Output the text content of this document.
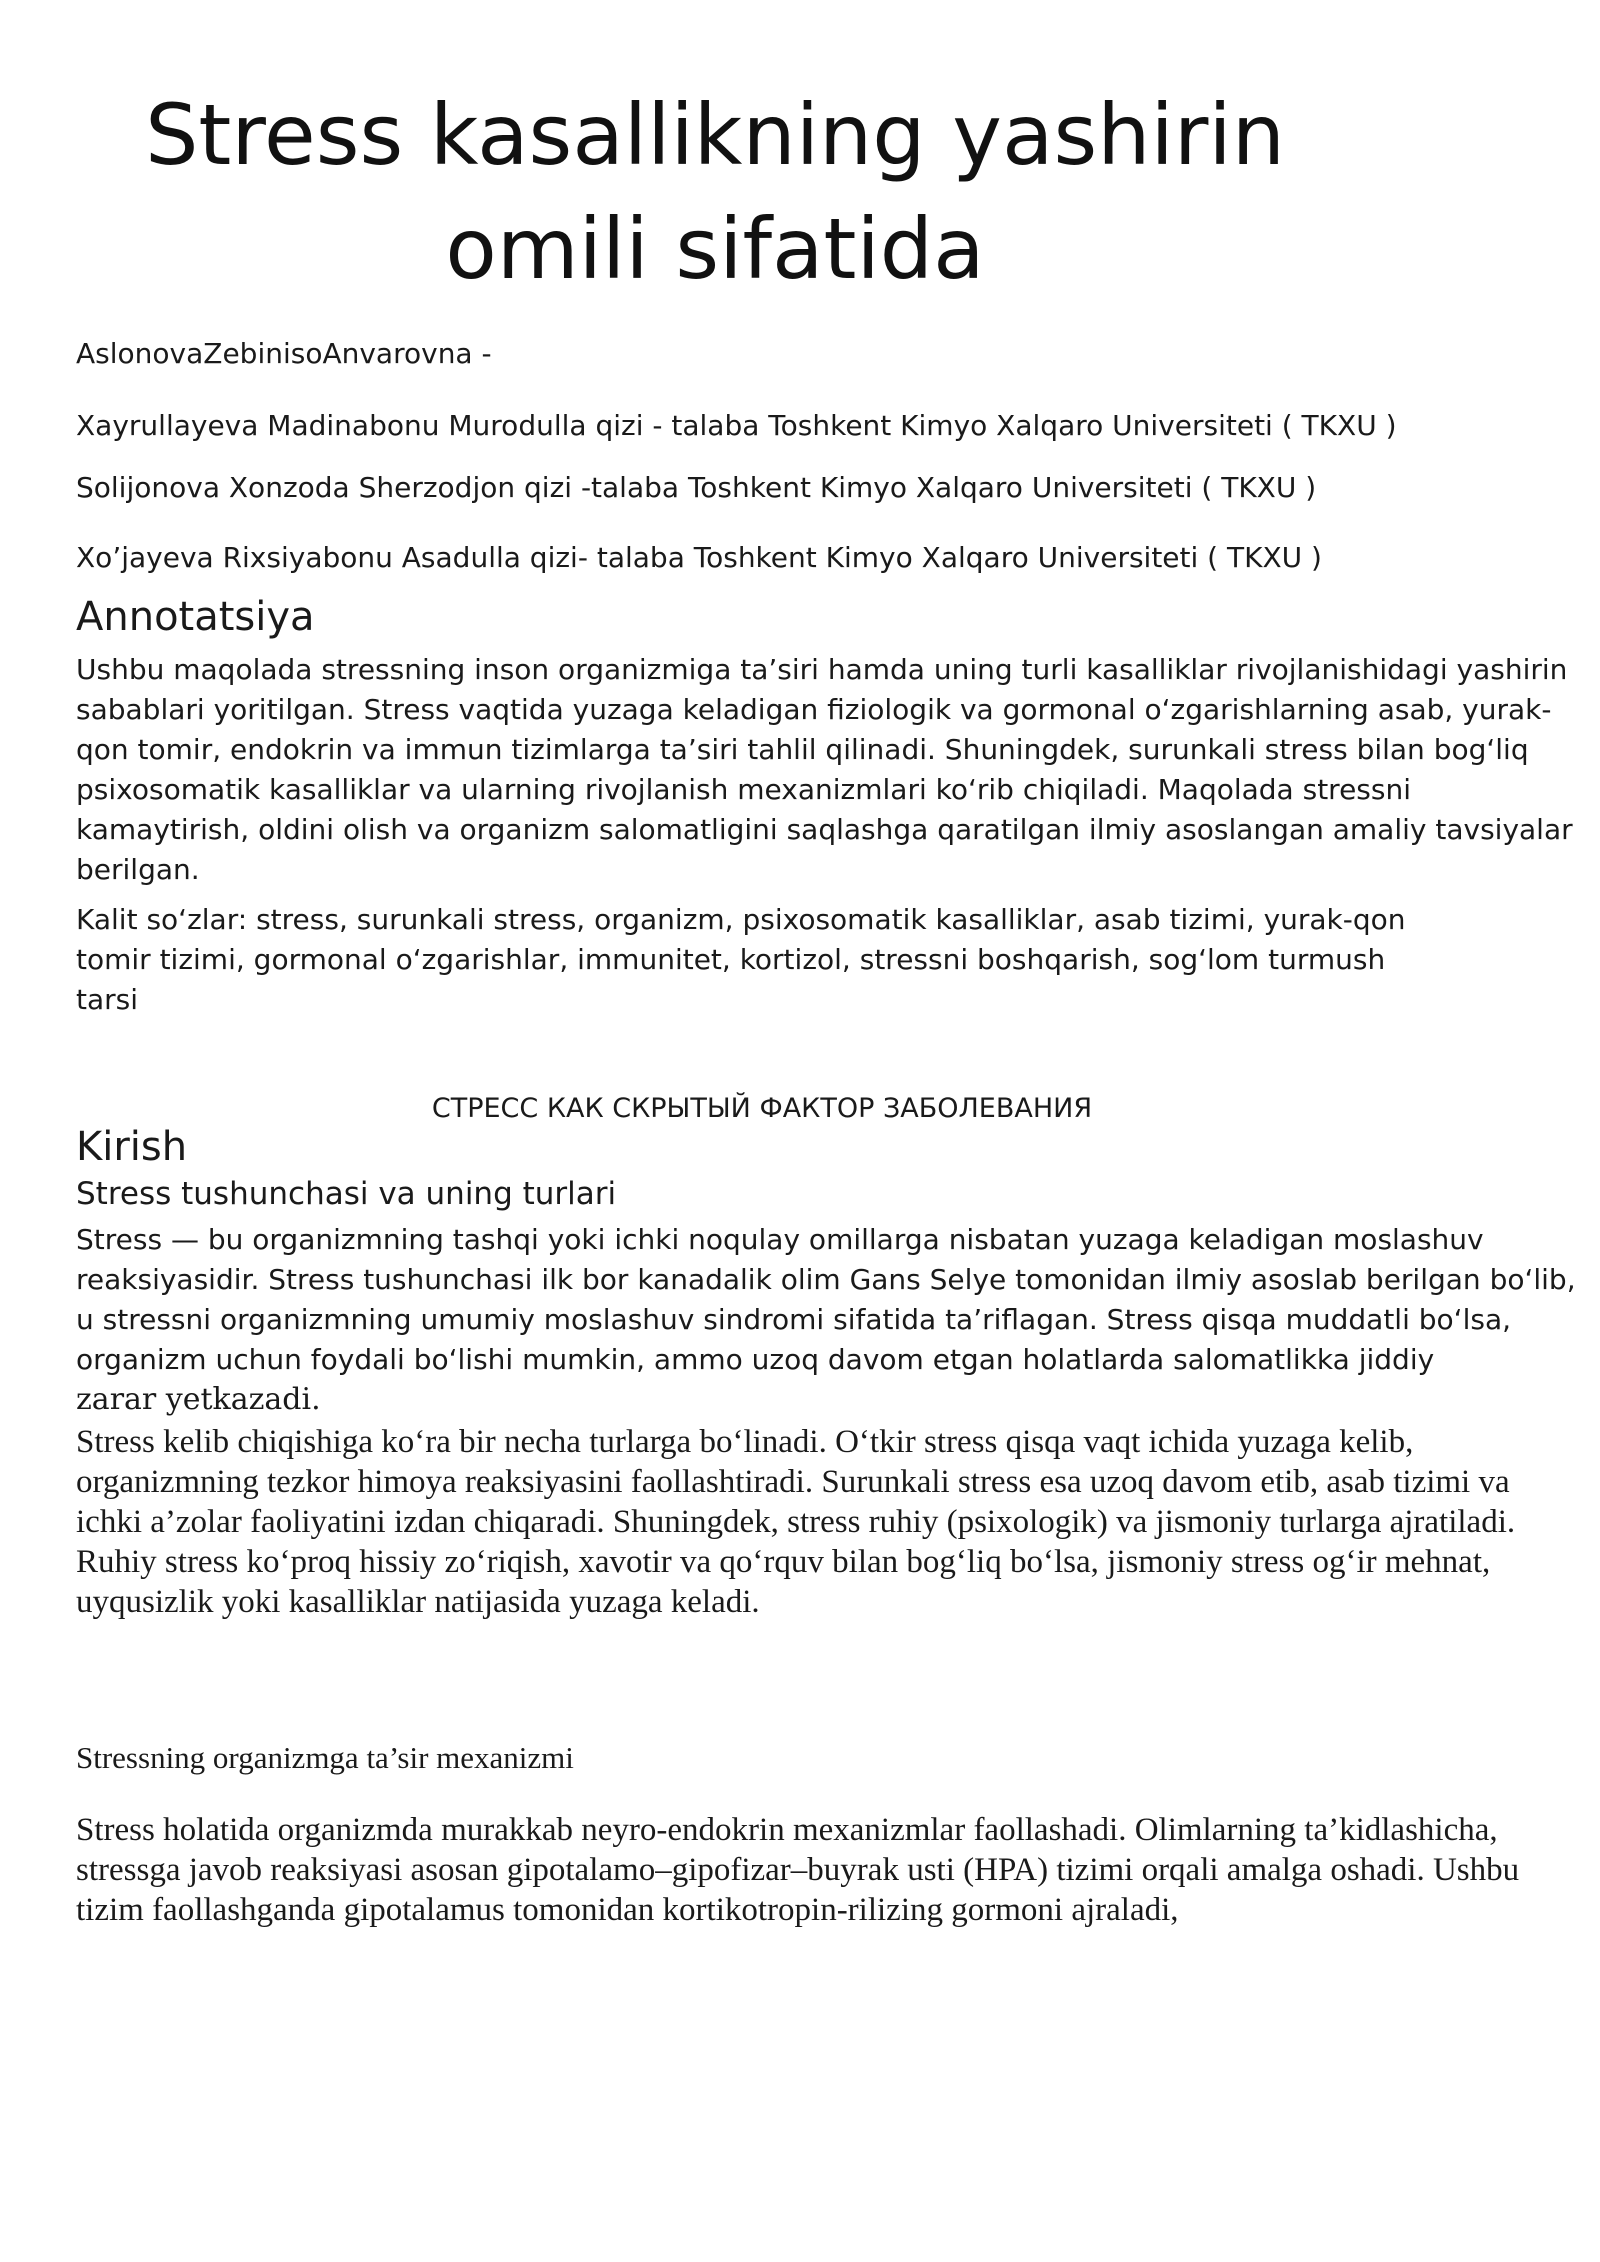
Stress kasallikning yashirin
omili sifatida

AslonovaZebinisoAnvarovna -

Xayrullayeva Madinabonu Murodulla qizi - talaba Toshkent Kimyo Xalqaro Universiteti ( TKXU )

Solijonova Xonzoda Sherzodjon qizi -talaba Toshkent Kimyo Xalqaro Universiteti ( TKXU )

Xo’jayeva Rixsiyabonu Asadulla qizi- talaba Toshkent Kimyo Xalqaro Universiteti ( TKXU )

Annotatsiya

Ushbu maqolada stressning inson organizmiga ta’siri hamda uning turli kasalliklar rivojlanishidagi yashirin sabablari yoritilgan. Stress vaqtida yuzaga keladigan fiziologik va gormonal o‘zgarishlarning asab, yurak-qon tomir, endokrin va immun tizimlarga ta’siri tahlil qilinadi. Shuningdek, surunkali stress bilan bog‘liq psixosomatik kasalliklar va ularning rivojlanish mexanizmlari ko‘rib chiqiladi. Maqolada stressni kamaytirish, oldini olish va organizm salomatligini saqlashga qaratilgan ilmiy asoslangan amaliy tavsiyalar berilgan.

Kalit so‘zlar: stress, surunkali stress, organizm, psixosomatik kasalliklar, asab tizimi, yurak-qon tomir tizimi, gormonal o‘zgarishlar, immunitet, kortizol, stressni boshqarish, sog‘lom turmush tarsi

СТРЕСС КАК СКРЫТЫЙ ФАКТОР ЗАБОЛЕВАНИЯ

Kirish
Stress tushunchasi va uning turlari

Stress — bu organizmning tashqi yoki ichki noqulay omillarga nisbatan yuzaga keladigan moslashuv reaksiyasidir. Stress tushunchasi ilk bor kanadalik olim Gans Selye tomonidan ilmiy asoslab berilgan bo‘lib, u stressni organizmning umumiy moslashuv sindromi sifatida ta’riflagan. Stress qisqa muddatli bo‘lsa, organizm uchun foydali bo‘lishi mumkin, ammo uzoq davom etgan holatlarda salomatlikka jiddiy
zarar yetkazadi.

Stress kelib chiqishiga ko‘ra bir necha turlarga bo‘linadi. O‘tkir stress qisqa vaqt ichida yuzaga kelib, organizmning tezkor himoya reaksiyasini faollashtiradi. Surunkali stress esa uzoq davom etib, asab tizimi va ichki a’zolar faoliyatini izdan chiqaradi. Shuningdek, stress ruhiy (psixologik) va jismoniy turlarga ajratiladi. Ruhiy stress ko‘proq hissiy zo‘riqish, xavotir va qo‘rquv bilan bog‘liq bo‘lsa, jismoniy stress og‘ir mehnat, uyqusizlik yoki kasalliklar natijasida yuzaga keladi.

Stressning organizmga ta’sir mexanizmi

Stress holatida organizmda murakkab neyro-endokrin mexanizmlar faollashadi. Olimlarning ta’kidlashicha, stressga javob reaksiyasi asosan gipotalamo–gipofizar–buyrak usti (HPA) tizimi orqali amalga oshadi. Ushbu tizim faollashganda gipotalamus tomonidan kortikotropin-rilizing gormoni ajraladi,
